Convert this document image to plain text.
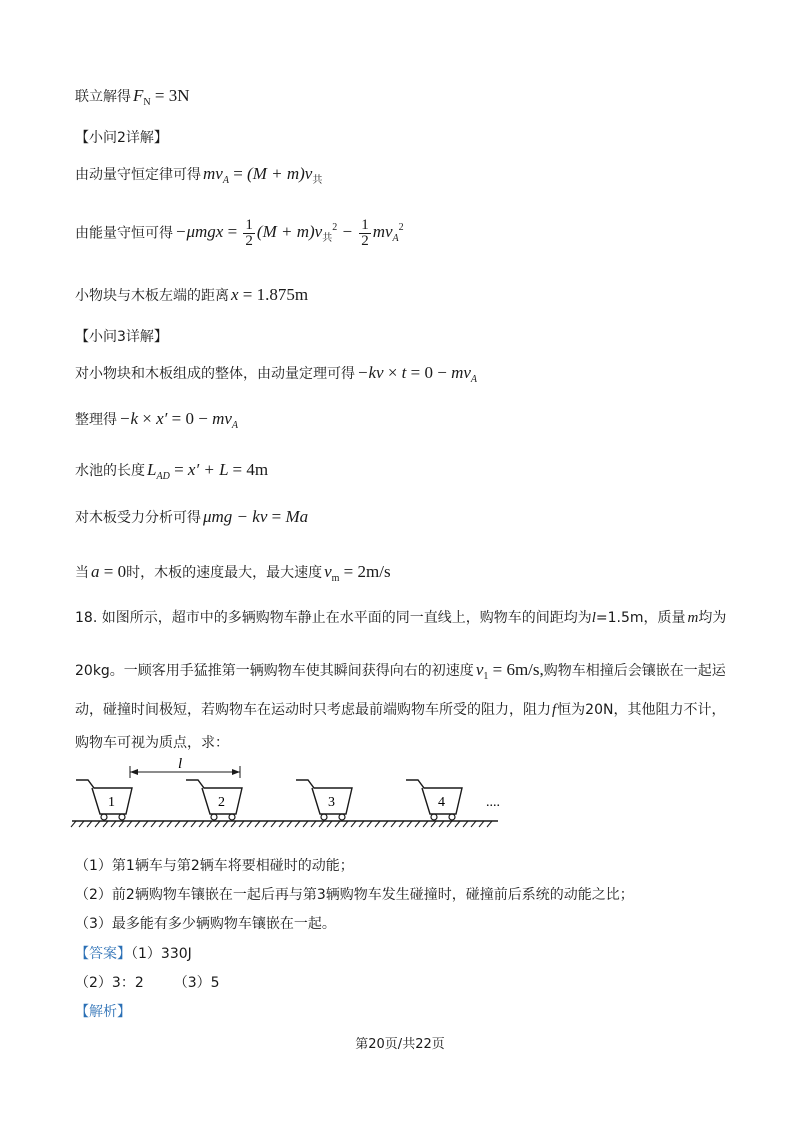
联立解得 $F_N = 3N$
【小问2详解】
由动量守恒定律可得 $mv_A = (M + m)v_共$
由能量守恒可得 $-\mu mgx = \frac{1}{2} (M + m)v_共^2 - \frac{1}{2} mv_A^2$
小物块与木板左端的距离 x = 1.875m
【小问3详解】
对小物块和木板组成的整体，由动量定理可得 $-kv \times t = 0 - mv_A$
整理得 $-k \times x' = 0 - mv_A$
水池的长度 $L_{AD} = x' + L = 4m$
对木板受力分析可得 μmg − kv = Ma
当 a = 0时，木板的速度最大，最大速度 $v_m = 2m/s$
18. 如图所示，超市中的多辆购物车静止在水平面的同一直线上，购物车的间距均为l=1.5m，质量 m均为
20kg。一顾客用手猛推第一辆购物车使其瞬间获得向右的初速度 $v_1 = 6m/s$,购物车相撞后会镶嵌在一起运
动，碰撞时间极短，若购物车在运动时只考虑最前端购物车所受的阻力，阻力f恒为20N，其他阻力不计，
购物车可视为质点，求：
l
1	2	3	4	....
（1）第1辆车与第2辆车将要相碰时的动能；
（2）前2辆购物车镶嵌在一起后再与第3辆购物车发生碰撞时，碰撞前后系统的动能之比；
（3）最多能有多少辆购物车镶嵌在一起。
【答案】（1）330J
（2）3：2 （3）5
【解析】
第20页/共22页
